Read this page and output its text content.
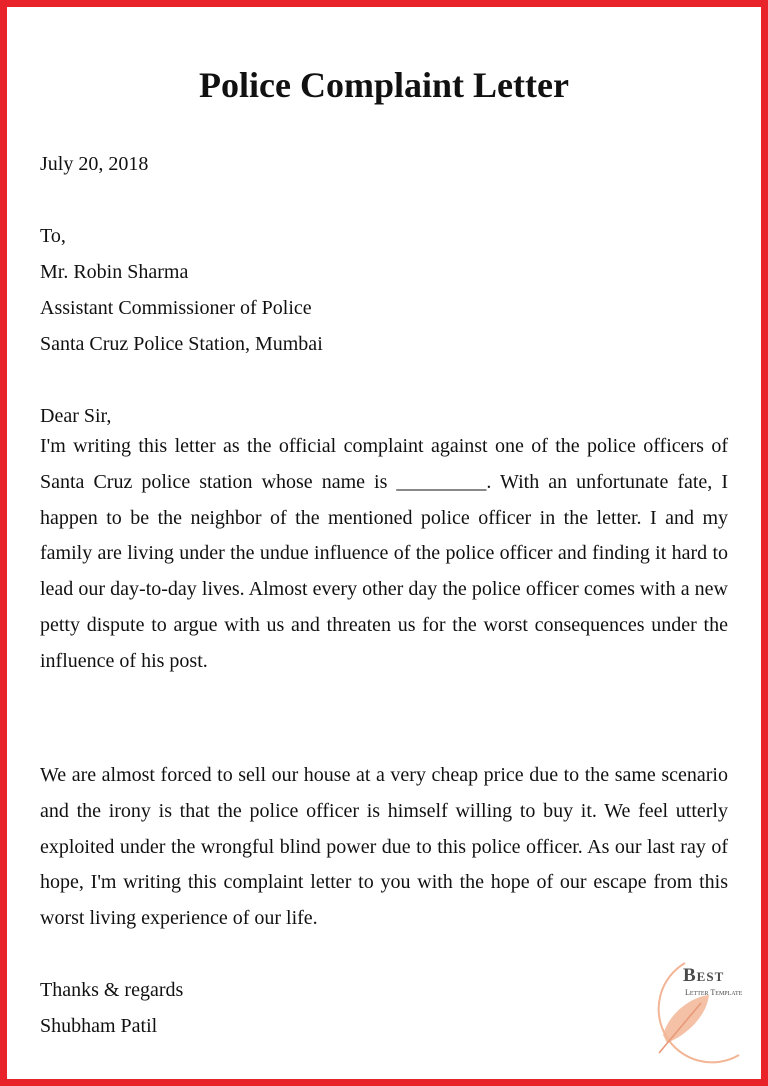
Police Complaint Letter

July 20, 2018

To,

Mr. Robin Sharma

Assistant Commissioner of Police

Santa Cruz Police Station, Mumbai

Dear Sir,

I'm writing this letter as the official complaint against one of the police officers of Santa Cruz police station whose name is _________. With an unfortunate fate, I happen to be the neighbor of the mentioned police officer in the letter. I and my family are living under the undue influence of the police officer and finding it hard to lead our day-to-day lives. Almost every other day the police officer comes with a new petty dispute to argue with us and threaten us for the worst consequences under the influence of his post.

We are almost forced to sell our house at a very cheap price due to the same scenario and the irony is that the police officer is himself willing to buy it. We feel utterly exploited under the wrongful blind power due to this police officer. As our last ray of hope, I'm writing this complaint letter to you with the hope of our escape from this worst living experience of our life.

Thanks & regards

Shubham Patil

Best
Letter Template
